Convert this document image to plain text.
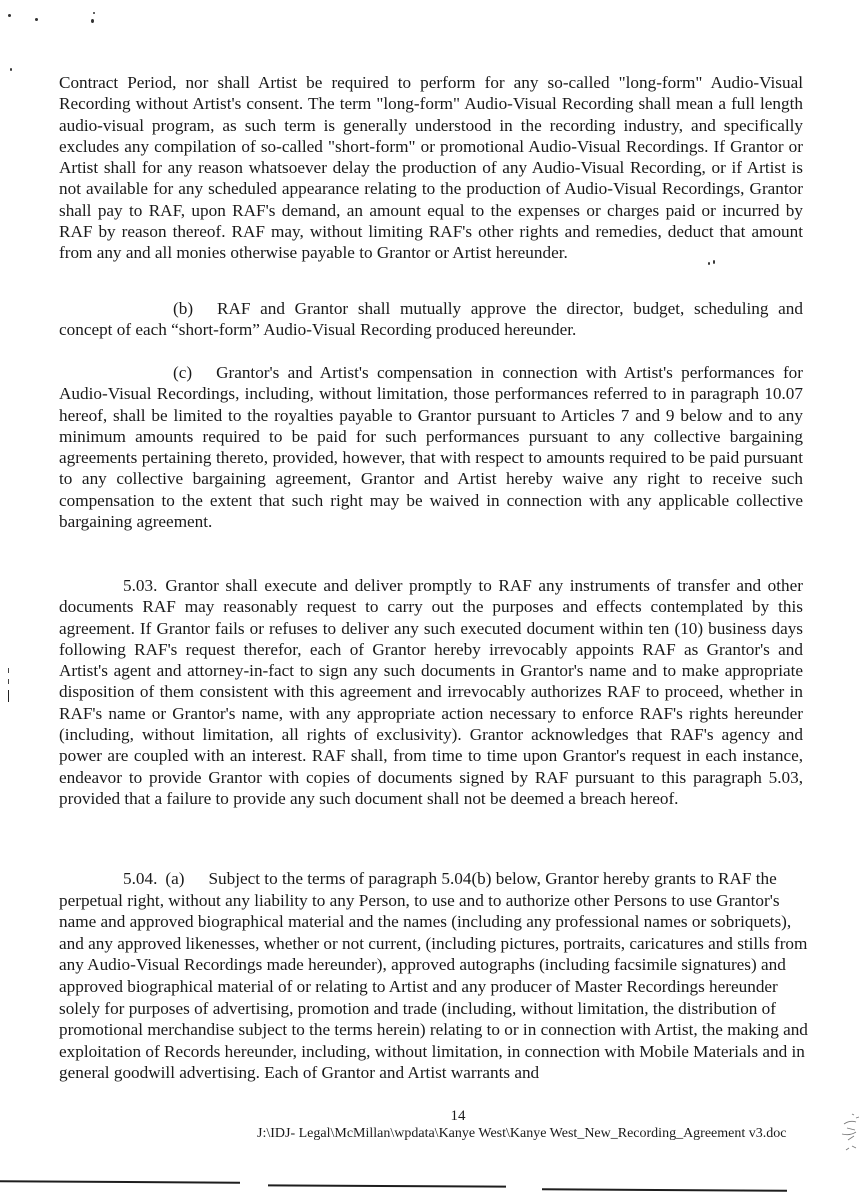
Contract Period, nor shall Artist be required to perform for any so-called "long-form" Audio-Visual Recording without Artist's consent. The term "long-form" Audio-Visual Recording shall mean a full length audio-visual program, as such term is generally understood in the recording industry, and specifically excludes any compilation of so-called "short-form" or promotional Audio-Visual Recordings. If Grantor or Artist shall for any reason whatsoever delay the production of any Audio-Visual Recording, or if Artist is not available for any scheduled appearance relating to the production of Audio-Visual Recordings, Grantor shall pay to RAF, upon RAF's demand, an amount equal to the expenses or charges paid or incurred by RAF by reason thereof. RAF may, without limiting RAF's other rights and remedies, deduct that amount from any and all monies otherwise payable to Grantor or Artist hereunder.

(b) RAF and Grantor shall mutually approve the director, budget, scheduling and concept of each “short-form” Audio-Visual Recording produced hereunder.

(c) Grantor's and Artist's compensation in connection with Artist's performances for Audio-Visual Recordings, including, without limitation, those performances referred to in paragraph 10.07 hereof, shall be limited to the royalties payable to Grantor pursuant to Articles 7 and 9 below and to any minimum amounts required to be paid for such performances pursuant to any collective bargaining agreements pertaining thereto, provided, however, that with respect to amounts required to be paid pursuant to any collective bargaining agreement, Grantor and Artist hereby waive any right to receive such compensation to the extent that such right may be waived in connection with any applicable collective bargaining agreement.

5.03. Grantor shall execute and deliver promptly to RAF any instruments of transfer and other documents RAF may reasonably request to carry out the purposes and effects contemplated by this agreement. If Grantor fails or refuses to deliver any such executed document within ten (10) business days following RAF's request therefor, each of Grantor hereby irrevocably appoints RAF as Grantor's and Artist's agent and attorney-in-fact to sign any such documents in Grantor's name and to make appropriate disposition of them consistent with this agreement and irrevocably authorizes RAF to proceed, whether in RAF's name or Grantor's name, with any appropriate action necessary to enforce RAF's rights hereunder (including, without limitation, all rights of exclusivity). Grantor acknowledges that RAF's agency and power are coupled with an interest. RAF shall, from time to time upon Grantor's request in each instance, endeavor to provide Grantor with copies of documents signed by RAF pursuant to this paragraph 5.03, provided that a failure to provide any such document shall not be deemed a breach hereof.

5.04. (a) Subject to the terms of paragraph 5.04(b) below, Grantor hereby grants to RAF the perpetual right, without any liability to any Person, to use and to authorize other Persons to use Grantor's name and approved biographical material and the names (including any professional names or sobriquets), and any approved likenesses, whether or not current, (including pictures, portraits, caricatures and stills from any Audio-Visual Recordings made hereunder), approved autographs (including facsimile signatures) and approved biographical material of or relating to Artist and any producer of Master Recordings hereunder solely for purposes of advertising, promotion and trade (including, without limitation, the distribution of promotional merchandise subject to the terms herein) relating to or in connection with Artist, the making and exploitation of Records hereunder, including, without limitation, in connection with Mobile Materials and in general goodwill advertising. Each of Grantor and Artist warrants and

14
J:\IDJ- Legal\McMillan\wpdata\Kanye West\Kanye West_New_Recording_Agreement v3.doc
